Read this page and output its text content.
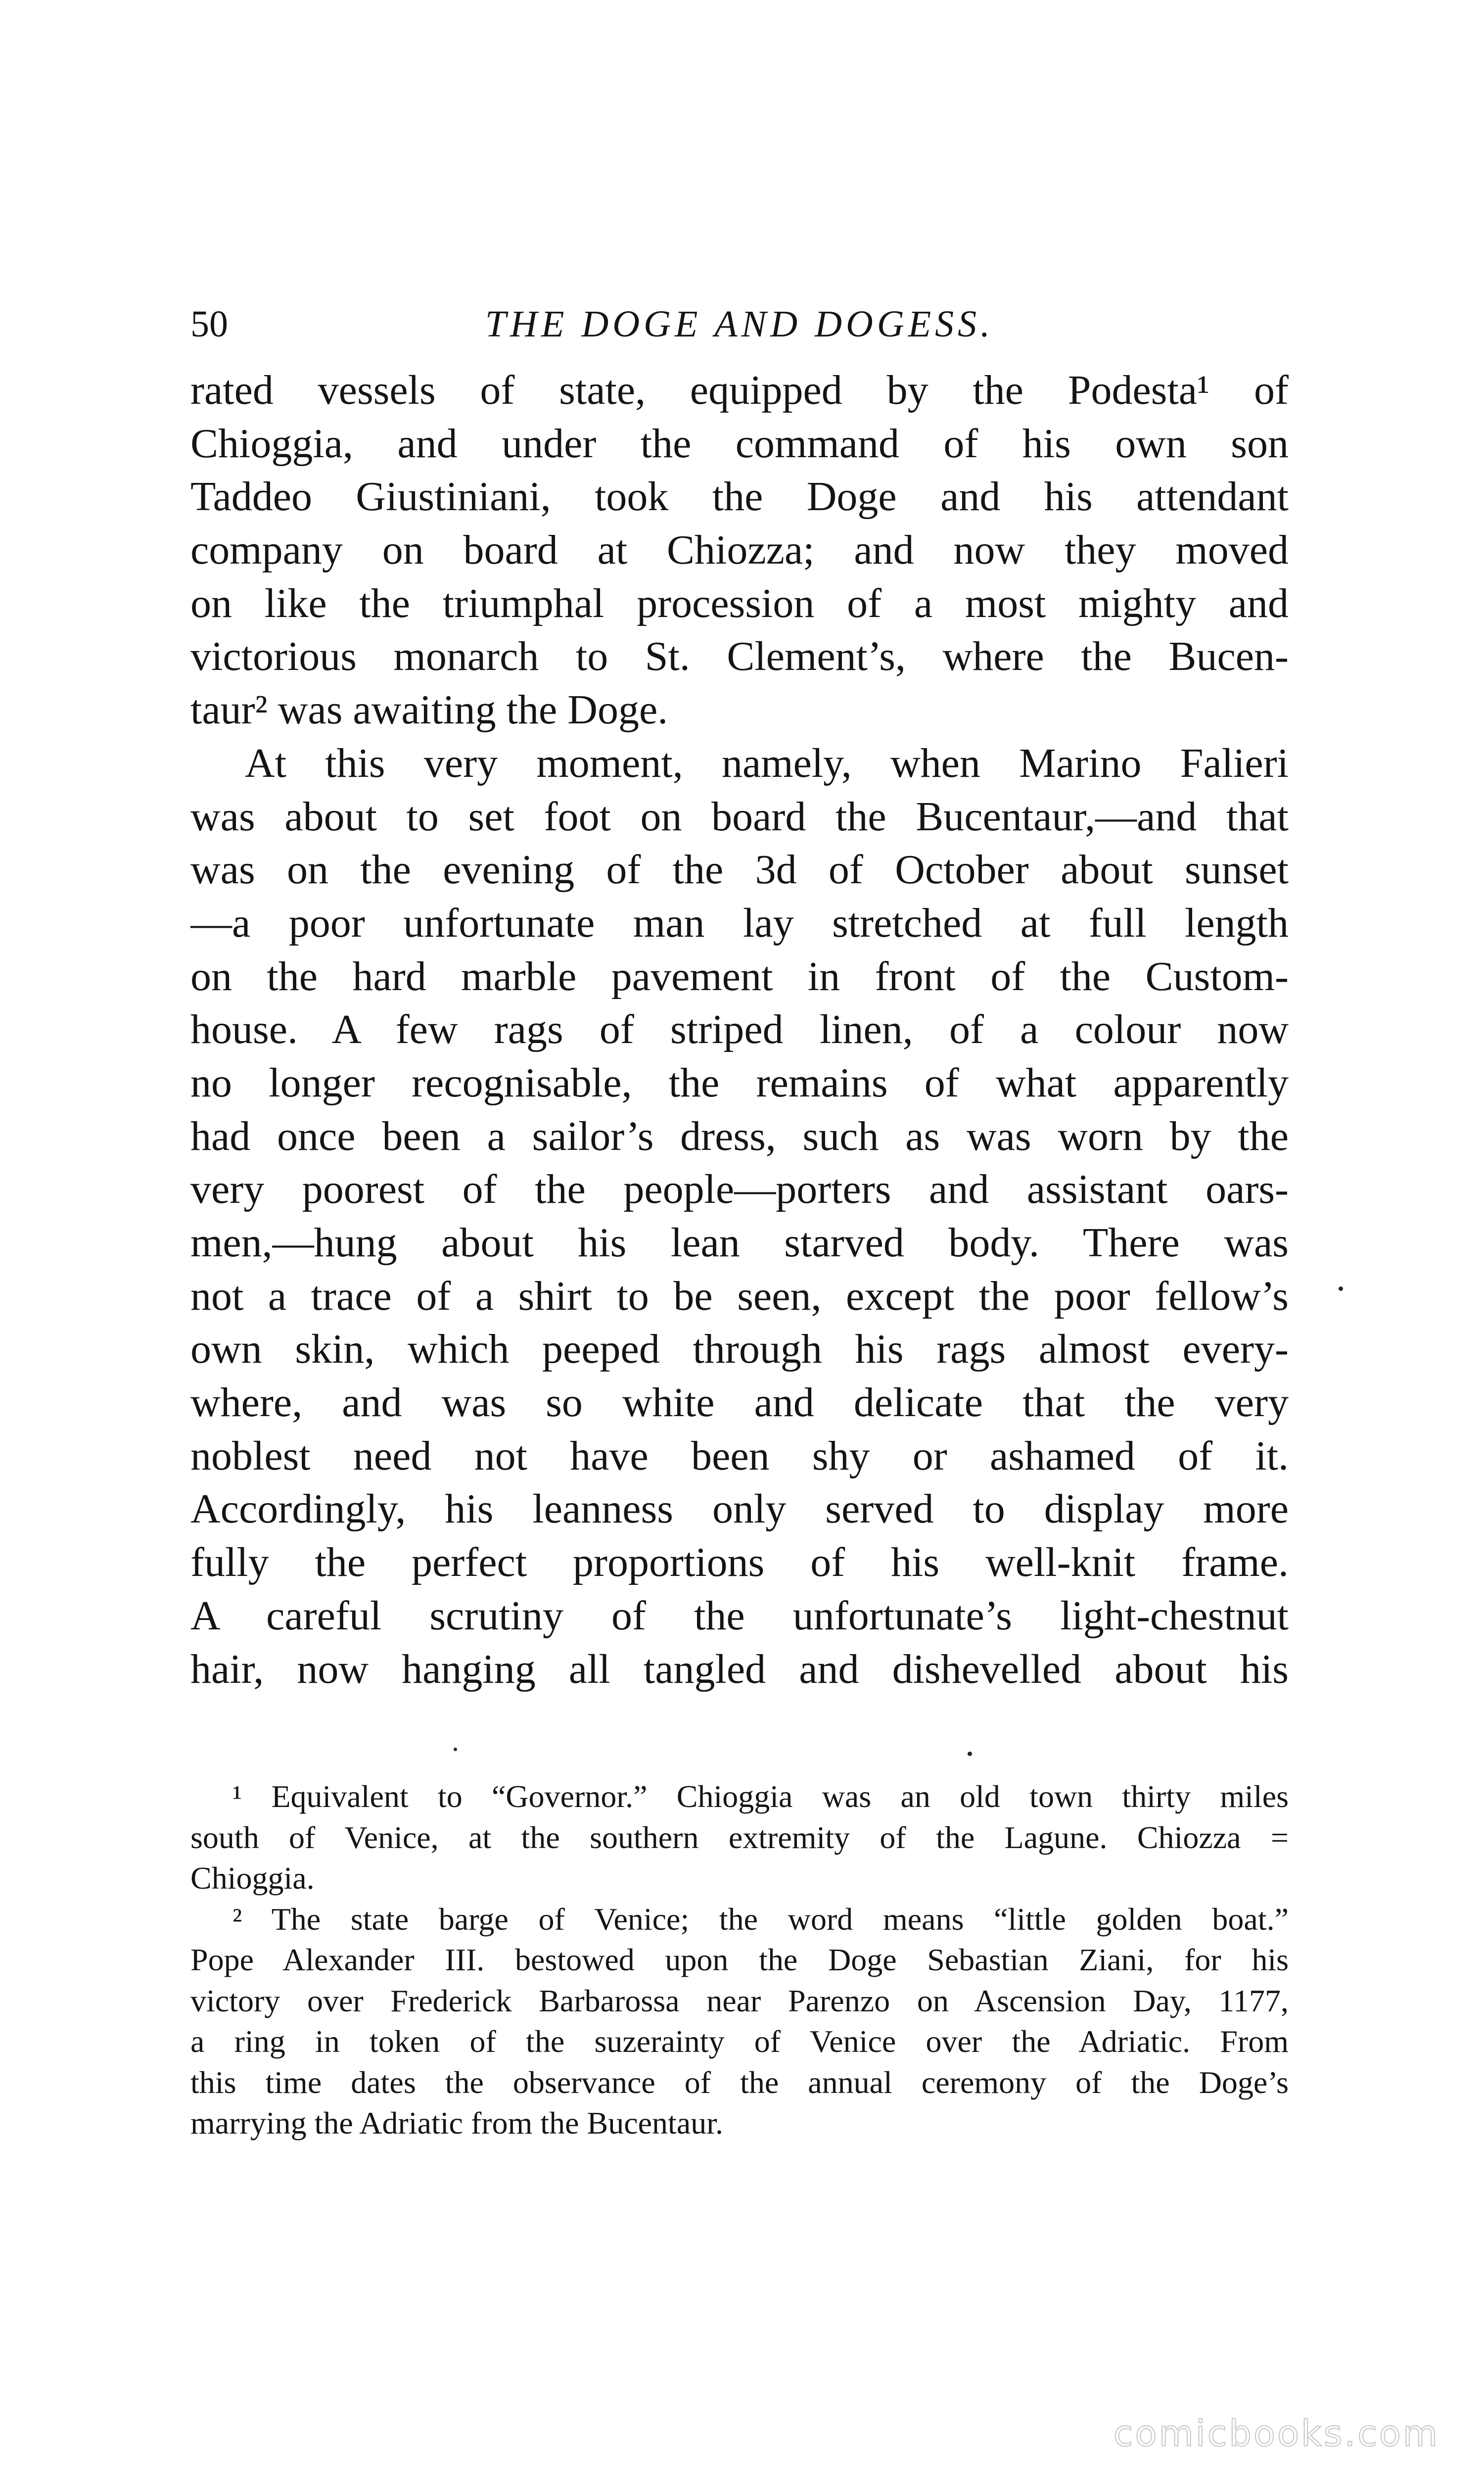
50	THE DOGE AND DOGESS.
rated vessels of state, equipped by the Podesta¹ of
Chioggia, and under the command of his own son
Taddeo Giustiniani, took the Doge and his attendant
company on board at Chiozza; and now they moved
on like the triumphal procession of a most mighty and
victorious monarch to St. Clement’s, where the Bucen-
taur² was awaiting the Doge.
At this very moment, namely, when Marino Falieri
was about to set foot on board the Bucentaur,—and that
was on the evening of the 3d of October about sunset
—a poor unfortunate man lay stretched at full length
on the hard marble pavement in front of the Custom-
house. A few rags of striped linen, of a colour now
no longer recognisable, the remains of what apparently
had once been a sailor’s dress, such as was worn by the
very poorest of the people—porters and assistant oars-
men,—hung about his lean starved body. There was
not a trace of a shirt to be seen, except the poor fellow’s
own skin, which peeped through his rags almost every-
where, and was so white and delicate that the very
noblest need not have been shy or ashamed of it.
Accordingly, his leanness only served to display more
fully the perfect proportions of his well-knit frame.
A careful scrutiny of the unfortunate’s light-chestnut
hair, now hanging all tangled and dishevelled about his
¹ Equivalent to “Governor.” Chioggia was an old town thirty miles
south of Venice, at the southern extremity of the Lagune. Chiozza =
Chioggia.
² The state barge of Venice; the word means “little golden boat.”
Pope Alexander III. bestowed upon the Doge Sebastian Ziani, for his
victory over Frederick Barbarossa near Parenzo on Ascension Day, 1177,
a ring in token of the suzerainty of Venice over the Adriatic. From
this time dates the observance of the annual ceremony of the Doge’s
marrying the Adriatic from the Bucentaur.
comicbooks.com
